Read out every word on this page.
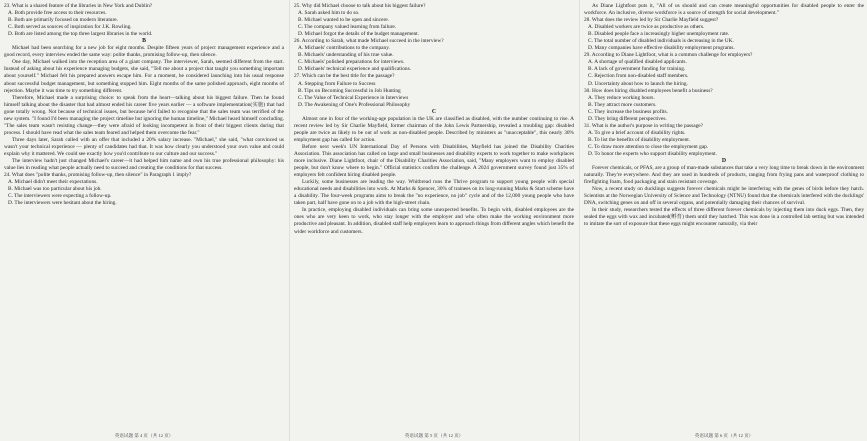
23. What is a shared feature of the libraries in New York and Dublin?

A. Both provide free access to their resources.

B. Both are primarily focused on modern literature.

C. Both served as sources of inspiration for J.K. Rowling.

D. Both are listed among the top three largest libraries in the world.

B

Michael had been searching for a new job for eight months. Despite fifteen years of project management experience and a good record, every interview ended the same way: polite thanks, promising follow-up, then silence.

One day, Michael walked into the reception area of a giant company. The interviewer, Sarah, seemed different from the start. Instead of asking about his experience managing budgets, she said, "Tell me about a project that taught you something important about yourself." Michael felt his prepared answers escape him. For a moment, he considered launching into his usual response about successful budget management, but something stopped him. Eight months of the same polished approach, eight months of rejection. Maybe it was time to try something different.

Therefore, Michael made a surprising choice: to speak from the heart—talking about his biggest failure. Then he found himself talking about the disaster that had almost ended his career five years earlier — a software implementation(实施) that had gone totally wrong. Not because of technical issues, but because he'd failed to recognise that the sales team was terrified of the new system. "I found I'd been managing the project timeline but ignoring the human timeline," Michael heard himself concluding. "The sales team wasn't resisting change—they were afraid of looking incompetent in front of their biggest clients during that process. I should have read what the sales team feared and helped them overcome the fear."

Three days later, Sarah called with an offer that included a 20% salary increase. "Michael," she said, "what convinced us wasn't your technical experience — plenty of candidates had that. It was how clearly you understood your own value and could explain why it mattered. We could see exactly how you'd contribute to our culture and our success."

The interview hadn't just changed Michael's career—it had helped him name and own his true professional philosophy: his value lies in reading what people actually need to succeed and creating the conditions for that success.

24. What does "polite thanks, promising follow-up, then silence" in Paragraph 1 imply?

A. Michael didn't meet their expectations.

B. Michael was too particular about his job.

C. The interviewers were expecting a follow-up.

D. The interviewers were hesitant about the hiring.

25. Why did Michael choose to talk about his biggest failure?

A. Sarah asked him to do so.

B. Michael wanted to be open and sincere.

C. The company valued learning from failure.

D. Michael forgot the details of the budget management.

26. According to Sarah, what made Michael succeed in the interview?

A. Michaels' contributions to the company.

B. Michaels' understanding of his true value.

C. Michaels' polished preparations for interviews.

D. Michaels' technical experience and qualifications.

27. Which can be the best title for the passage?

A. Stepping from Failure to Success

B. Tips on Becoming Successful in Job Hunting

C. The Value of Technical Experience in Interviews

D. The Awakening of One's Professional Philosophy

C

Almost one in four of the working-age population in the UK are classified as disabled, with the number continuing to rise. A recent review led by Sir Charlie Mayfield, former chairman of the John Lewis Partnership, revealed a troubling gap: disabled people are twice as likely to be out of work as non-disabled people. Described by ministers as "unacceptable", this nearly 30% employment gap has called for action.

Before next week's UN International Day of Persons with Disabilities, Mayfield has joined the Disability Charities Association. This association has called on large and small businesses and disability experts to work together to make workplaces more inclusive. Diane Lightfoot, chair of the Disability Charities Association, said, "Many employers want to employ disabled people, but don't know where to begin." Official statistics confirm the challenge. A 2024 government survey found just 35% of employers felt confident hiring disabled people.

Luckily, some businesses are leading the way. Whitbread runs the Thrive program to support young people with special educational needs and disabilities into work. At Marks & Spencer, 30% of trainees on its long-running Marks & Start scheme have a disability. The four-week programs aims to break the "no experience, no job" cycle and of the 12,000 young people who have taken part, half have gone on to a job with the high-street chain.

In practice, employing disabled individuals can bring some unexpected benefits. To begin with, disabled employees are the ones who are very keen to work, who stay longer with the employer and who often make the working environment more productive and pleasant. In addition, disabled staff help employers learn to approach things from different angles which benefit the wider workforce and customers.

As Diane Lightfoot puts it, "All of us should and can create meaningful opportunities for disabled people to enter the workforce. An inclusive, diverse workforce is a source of strength for social development."

28. What does the review led by Sir Charlie Mayfield suggest?

A. Disabled workers are twice as productive as others.

B. Disabled people face a increasingly higher unemployment rate.

C. The total number of disabled individuals is decreasing in the UK.

D. Many companies have effective disability employment programs.

29. According to Diane Lightfoot, what is a common challenge for employers?

A. A shortage of qualified disabled applicants.

B. A lack of government funding for training.

C. Rejection from non-disabled staff members.

D. Uncertainty about how to launch the hiring.

30. How does hiring disabled employees benefit a business?

A. They reduce working hours.

B. They attract more customers.

C. They increase the business profits.

D. They bring different perspectives.

31. What is the author's purpose in writing the passage?

A. To give a brief account of disability rights.

B. To list the benefits of disability employment.

C. To draw more attention to close the employment gap.

D. To honor the experts who support disability employment.

D

Forever chemicals, or PFAS, are a group of man-made substances that take a very long time to break down in the environment naturally. They're everywhere. And they are used in hundreds of products, ranging from frying pans and waterproof clothing to firefighting foam, food packaging and stain resistant coverage.

Now, a recent study on ducklings suggests forever chemicals might be interfering with the genes of birds before they hatch. Scientists at the Norwegian University of Science and Technology (NTNU) found that the chemicals interfered with the ducklings' DNA, switching genes on and off in several organs, and potentially damaging their chances of survival.

In their study, researchers tested the effects of three different forever chemicals by injecting them into duck eggs. Then, they sealed the eggs with wax and incubated(孵育) them until they hatched. This was done in a controlled lab setting but was intended to imitate the sort of exposure that these eggs might encounter naturally, via their

英语试题 第 4 页（共 12 页）	英语试题 第 5 页（共 12 页）	英语试题 第 6 页（共 12 页）
